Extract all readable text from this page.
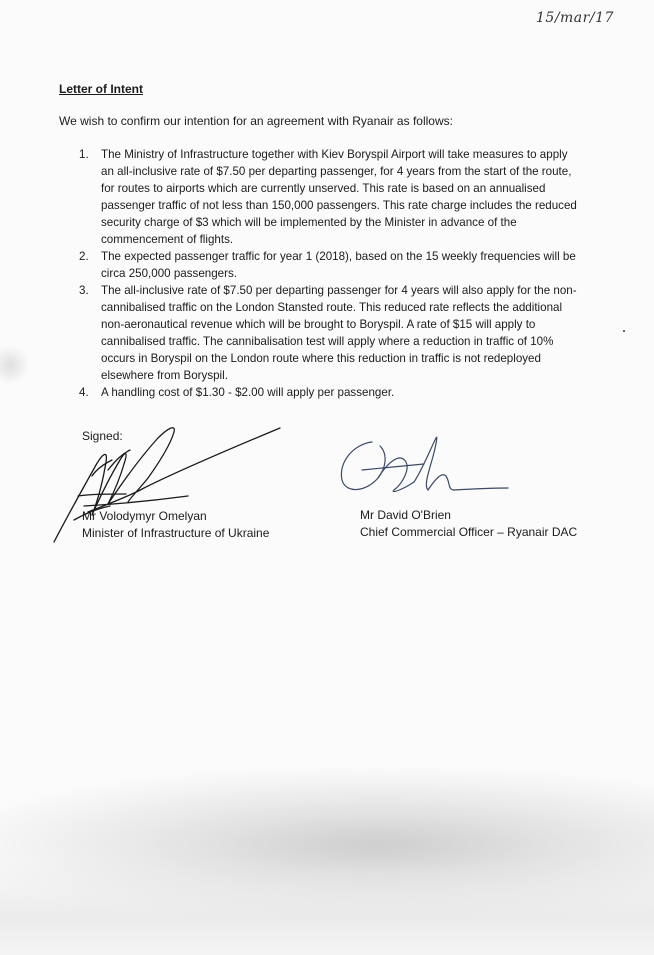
15/mar/17
Letter of Intent
We wish to confirm our intention for an agreement with Ryanair as follows:
1. The Ministry of Infrastructure together with Kiev Boryspil Airport will take measures to apply
an all-inclusive rate of $7.50 per departing passenger, for 4 years from the start of the route,
for routes to airports which are currently unserved. This rate is based on an annualised
passenger traffic of not less than 150,000 passengers. This rate charge includes the reduced
security charge of $3 which will be implemented by the Minister in advance of the
commencement of flights.
2. The expected passenger traffic for year 1 (2018), based on the 15 weekly frequencies will be
circa 250,000 passengers.
3. The all-inclusive rate of $7.50 per departing passenger for 4 years will also apply for the non-
cannibalised traffic on the London Stansted route. This reduced rate reflects the additional
non-aeronautical revenue which will be brought to Boryspil. A rate of $15 will apply to
cannibalised traffic. The cannibalisation test will apply where a reduction in traffic of 10%
occurs in Boryspil on the London route where this reduction in traffic is not redeployed
elsewhere from Boryspil.
4. A handling cost of $1.30 - $2.00 will apply per passenger.
Signed:
Mr Volodymyr Omelyan
Minister of Infrastructure of Ukraine
Mr David O'Brien
Chief Commercial Officer – Ryanair DAC
